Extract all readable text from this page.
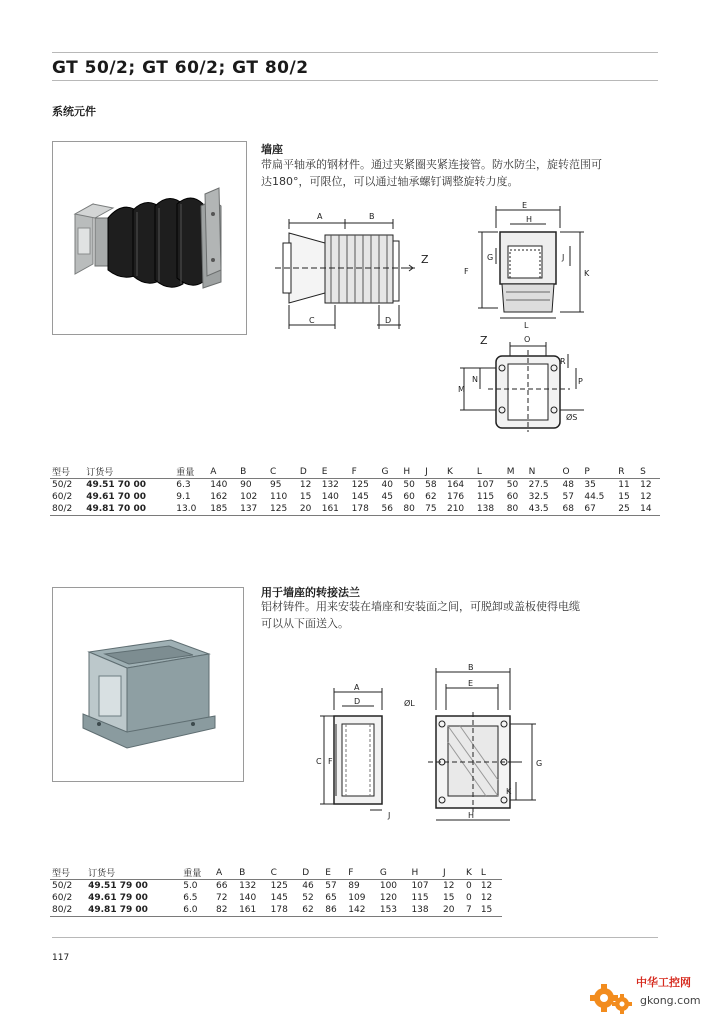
GT 50/2; GT 60/2; GT 80/2
系统元件
墙座
带扁平轴承的钢材件。通过夹紧圈夹紧连接管。防水防尘，旋转范围可
达180°，可限位，可以通过轴承螺钉调整旋转力度。
A	B
C	D
Z
E
H
F
G	J
K
L
Z	O
N
R
M
P
ØS
型号	订货号	重量	A	B	C	D	E	F	G	H	J	K	L	M	N	O	P	R	S
50/2	49.51 70 00	6.3	140	90	95	12	132	125	40	50	58	164	107	50	27.5	48	35	11	12
60/2	49.61 70 00	9.1	162	102	110	15	140	145	45	60	62	176	115	60	32.5	57	44.5	15	12
80/2	49.81 70 00	13.0	185	137	125	20	161	178	56	80	75	210	138	80	43.5	68	67	25	14
用于墙座的转接法兰
铝材铸件。用来安装在墙座和安装面之间，可脱卸或盖板使得电缆
可以从下面送入。
A
D
C F
J
B
E
ØL
G
K
H
型号	订货号	重量	A	B	C	D	E	F	G	H	J	K	L
50/2	49.51 79 00	5.0	66	132	125	46	57	89	100	107	12	0	12
60/2	49.61 79 00	6.5	72	140	145	52	65	109	120	115	15	0	12
80/2	49.81 79 00	6.0	82	161	178	62	86	142	153	138	20	7	15
117
中华工控网
gkong.com
